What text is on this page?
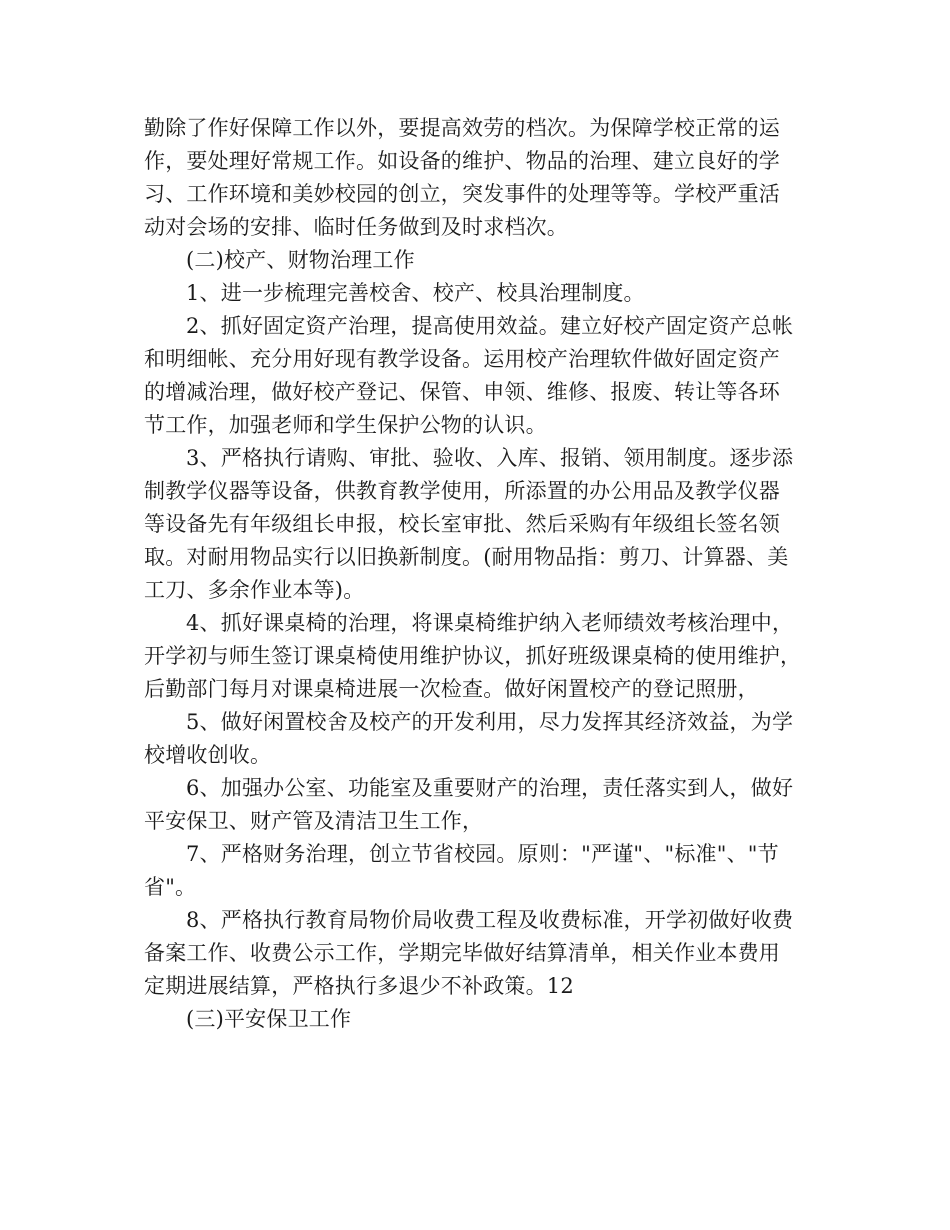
勤除了作好保障工作以外，要提高效劳的档次。为保障学校正常的运
作，要处理好常规工作。如设备的维护、物品的治理、建立良好的学
习、工作环境和美妙校园的创立，突发事件的处理等等。学校严重活
动对会场的安排、临时任务做到及时求档次。
(二)校产、财物治理工作
1、进一步梳理完善校舍、校产、校具治理制度。
2、抓好固定资产治理，提高使用效益。建立好校产固定资产总帐
和明细帐、充分用好现有教学设备。运用校产治理软件做好固定资产
的增减治理，做好校产登记、保管、申领、维修、报废、转让等各环
节工作，加强老师和学生保护公物的认识。
3、严格执行请购、审批、验收、入库、报销、领用制度。逐步添
制教学仪器等设备，供教育教学使用，所添置的办公用品及教学仪器
等设备先有年级组长申报，校长室审批、然后采购有年级组长签名领
取。对耐用物品实行以旧换新制度。(耐用物品指：剪刀、计算器、美
工刀、多余作业本等)。
4、抓好课桌椅的治理，将课桌椅维护纳入老师绩效考核治理中，
开学初与师生签订课桌椅使用维护协议，抓好班级课桌椅的使用维护，
后勤部门每月对课桌椅进展一次检查。做好闲置校产的登记照册，
5、做好闲置校舍及校产的开发利用，尽力发挥其经济效益，为学
校增收创收。
6、加强办公室、功能室及重要财产的治理，责任落实到人，做好
平安保卫、财产管及清洁卫生工作，
7、严格财务治理，创立节省校园。原则："严谨"、"标准"、"节
省"。
8、严格执行教育局物价局收费工程及收费标准，开学初做好收费
备案工作、收费公示工作，学期完毕做好结算清单，相关作业本费用
定期进展结算，严格执行多退少不补政策。12
(三)平安保卫工作
